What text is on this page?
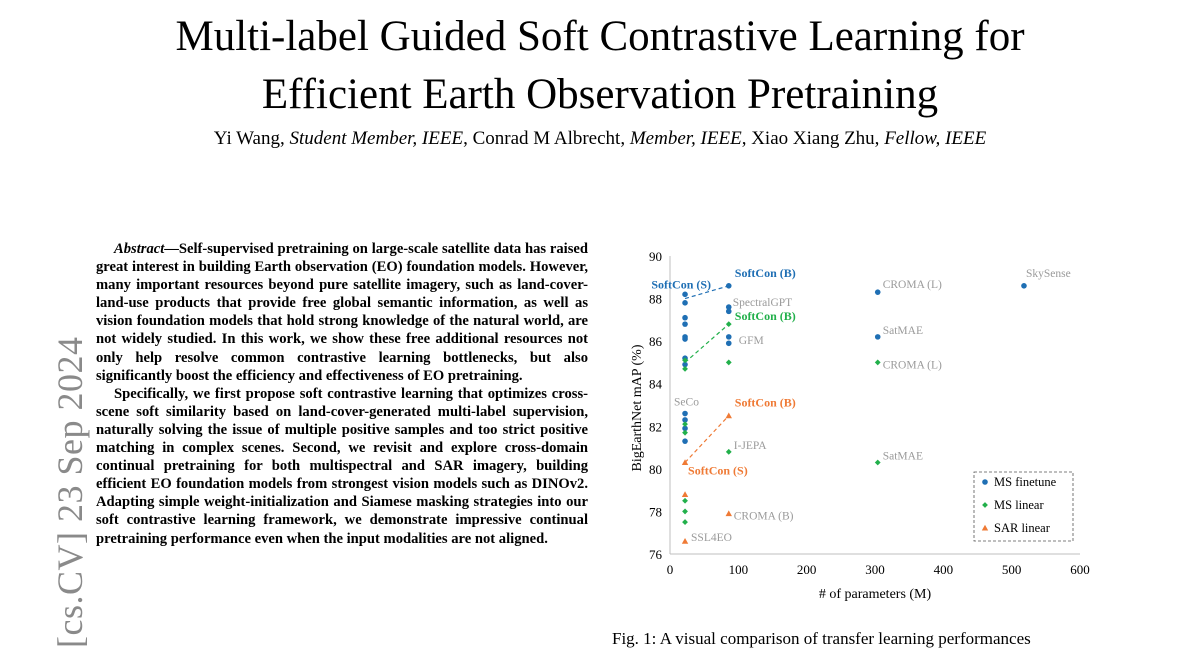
Multi-label Guided Soft Contrastive Learning for
Efficient Earth Observation Pretraining
Yi Wang, Student Member, IEEE, Conrad M Albrecht, Member, IEEE, Xiao Xiang Zhu, Fellow, IEEE
[cs.CV] 23 Sep 2024

Abstract—Self-supervised pretraining on large-scale satellite data has raised great interest in building Earth observation (EO) foundation models. However, many important resources beyond pure satellite imagery, such as land-cover-land-use products that provide free global semantic information, as well as vision foundation models that hold strong knowledge of the natural world, are not widely studied. In this work, we show these free additional resources not only help resolve common contrastive learning bottlenecks, but also significantly boost the efficiency and effectiveness of EO pretraining.

Specifically, we first propose soft contrastive learning that optimizes cross-scene soft similarity based on land-cover-generated multi-label supervision, naturally solving the issue of multiple positive samples and too strict positive matching in complex scenes. Second, we revisit and explore cross-domain continual pretraining for both multispectral and SAR imagery, building efficient EO foundation models from strongest vision models such as DINOv2. Adapting simple weight-initialization and Siamese masking strategies into our soft contrastive learning framework, we demonstrate impressive continual pretraining performance even when the input modalities are not aligned.

BigEarthNet mAP (%)
# of parameters (M)
0	100	200	300	400	500	600
76
78
80
82
84
86
88
90
SoftCon (S)
SoftCon (B)
SpectralGPT
SoftCon (B)
GFM
CROMA (L)
SatMAE
CROMA (L)
SkySense
SeCo	SoftCon (B)
I-JEPA
SoftCon (S)
SatMAE
CROMA (B)
SSL4EO
MS finetune
MS linear
SAR linear
Fig. 1: A visual comparison of transfer learning performances
